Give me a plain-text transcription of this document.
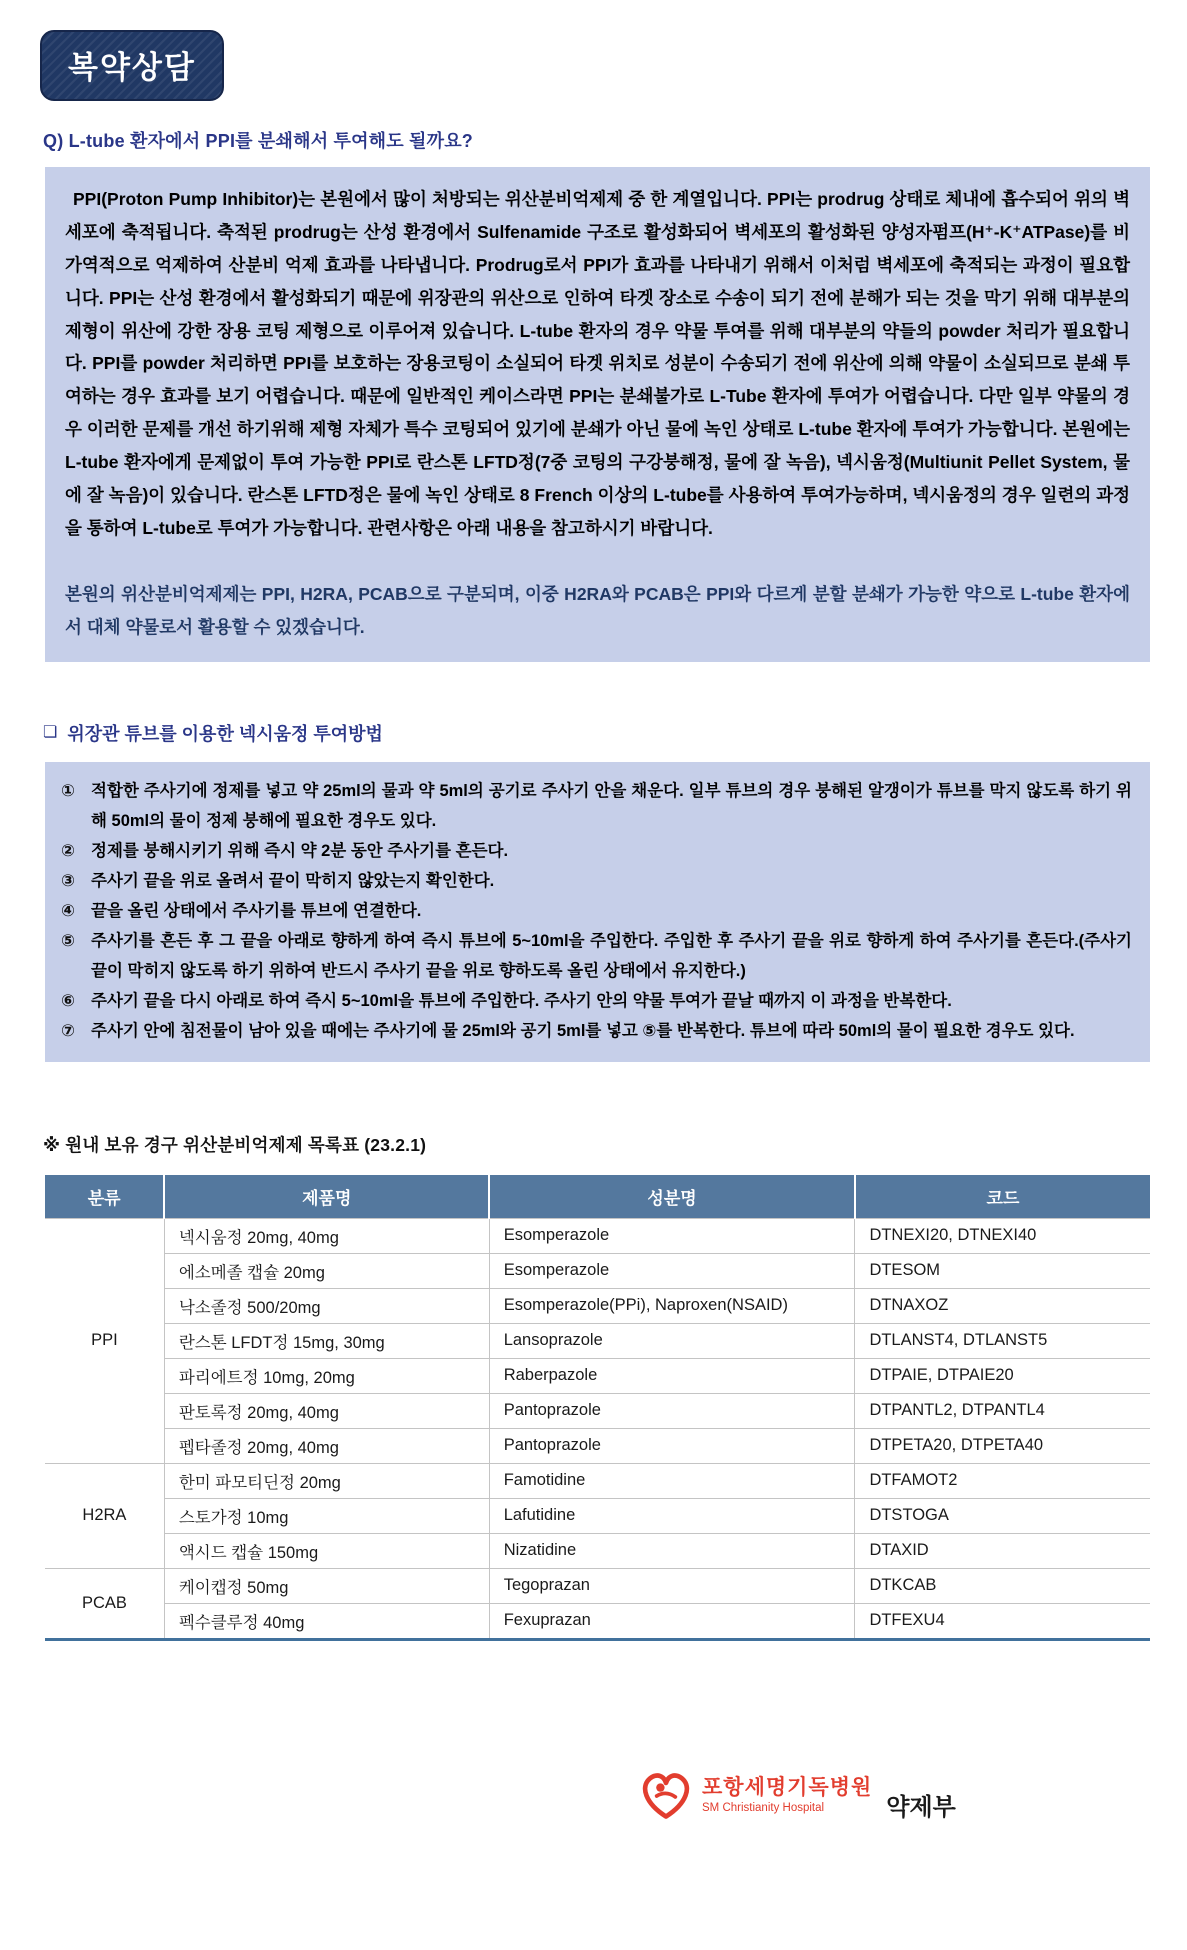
복약상담
Q) L-tube 환자에서 PPI를 분쇄해서 투여해도 될까요?

PPI(Proton Pump Inhibitor)는 본원에서 많이 처방되는 위산분비억제제 중 한 계열입니다. PPI는 prodrug 상태로 체내에 흡수되어 위의 벽세포에 축적됩니다. 축적된 prodrug는 산성 환경에서 Sulfenamide 구조로 활성화되어 벽세포의 활성화된 양성자펌프(H⁺-K⁺ATPase)를 비가역적으로 억제하여 산분비 억제 효과를 나타냅니다. Prodrug로서 PPI가 효과를 나타내기 위해서 이처럼 벽세포에 축적되는 과정이 필요합니다. PPI는 산성 환경에서 활성화되기 때문에 위장관의 위산으로 인하여 타겟 장소로 수송이 되기 전에 분해가 되는 것을 막기 위해 대부분의 제형이 위산에 강한 장용 코팅 제형으로 이루어져 있습니다. L-tube 환자의 경우 약물 투여를 위해 대부분의 약들의 powder 처리가 필요합니다. PPI를 powder 처리하면 PPI를 보호하는 장용코팅이 소실되어 타겟 위치로 성분이 수송되기 전에 위산에 의해 약물이 소실되므로 분쇄 투여하는 경우 효과를 보기 어렵습니다. 때문에 일반적인 케이스라면 PPI는 분쇄불가로 L-Tube 환자에 투여가 어렵습니다. 다만 일부 약물의 경우 이러한 문제를 개선 하기위해 제형 자체가 특수 코팅되어 있기에 분쇄가 아닌 물에 녹인 상태로 L-tube 환자에 투여가 가능합니다. 본원에는 L-tube 환자에게 문제없이 투여 가능한 PPI로 란스톤 LFTD정(7중 코팅의 구강붕해정, 물에 잘 녹음), 넥시움정(Multiunit Pellet System, 물에 잘 녹음)이 있습니다. 란스톤 LFTD정은 물에 녹인 상태로 8 French 이상의 L-tube를 사용하여 투여가능하며, 넥시움정의 경우 일련의 과정을 통하여 L-tube로 투여가 가능합니다. 관련사항은 아래 내용을 참고하시기 바랍니다.

본원의 위산분비억제제는 PPI, H2RA, PCAB으로 구분되며, 이중 H2RA와 PCAB은 PPI와 다르게 분할 분쇄가 가능한 약으로 L-tube 환자에서 대체 약물로서 활용할 수 있겠습니다.

❏ 위장관 튜브를 이용한 넥시움정 투여방법
① 적합한 주사기에 정제를 넣고 약 25ml의 물과 약 5ml의 공기로 주사기 안을 채운다. 일부 튜브의 경우 붕해된 알갱이가 튜브를 막지 않도록 하기 위해 50ml의 물이 정제 붕해에 필요한 경우도 있다.
② 정제를 붕해시키기 위해 즉시 약 2분 동안 주사기를 흔든다.
③ 주사기 끝을 위로 올려서 끝이 막히지 않았는지 확인한다.
④ 끝을 올린 상태에서 주사기를 튜브에 연결한다.
⑤ 주사기를 흔든 후 그 끝을 아래로 향하게 하여 즉시 튜브에 5~10ml을 주입한다. 주입한 후 주사기 끝을 위로 향하게 하여 주사기를 흔든다.(주사기 끝이 막히지 않도록 하기 위하여 반드시 주사기 끝을 위로 향하도록 올린 상태에서 유지한다.)
⑥ 주사기 끝을 다시 아래로 하여 즉시 5~10ml을 튜브에 주입한다. 주사기 안의 약물 투여가 끝날 때까지 이 과정을 반복한다.
⑦ 주사기 안에 침전물이 남아 있을 때에는 주사기에 물 25ml와 공기 5ml를 넣고 ⑤를 반복한다. 튜브에 따라 50ml의 물이 필요한 경우도 있다.
※ 원내 보유 경구 위산분비억제제 목록표 (23.2.1)
분류	제품명	성분명	코드
PPI	넥시움정 20mg, 40mg	Esomperazole	DTNEXI20, DTNEXI40
	에소메졸 캡슐 20mg	Esomperazole	DTESOM
	낙소졸정 500/20mg	Esomperazole(PPi), Naproxen(NSAID)	DTNAXOZ
	란스톤 LFDT정 15mg, 30mg	Lansoprazole	DTLANST4, DTLANST5
	파리에트정 10mg, 20mg	Raberpazole	DTPAIE, DTPAIE20
	판토록정 20mg, 40mg	Pantoprazole	DTPANTL2, DTPANTL4
	펩타졸정 20mg, 40mg	Pantoprazole	DTPETA20, DTPETA40
H2RA	한미 파모티딘정 20mg	Famotidine	DTFAMOT2
	스토가정 10mg	Lafutidine	DTSTOGA
	액시드 캡슐 150mg	Nizatidine	DTAXID
PCAB	케이캡정 50mg	Tegoprazan	DTKCAB
	펙수클루정 40mg	Fexuprazan	DTFEXU4
포항세명기독병원
SM Christianity Hospital	약제부
